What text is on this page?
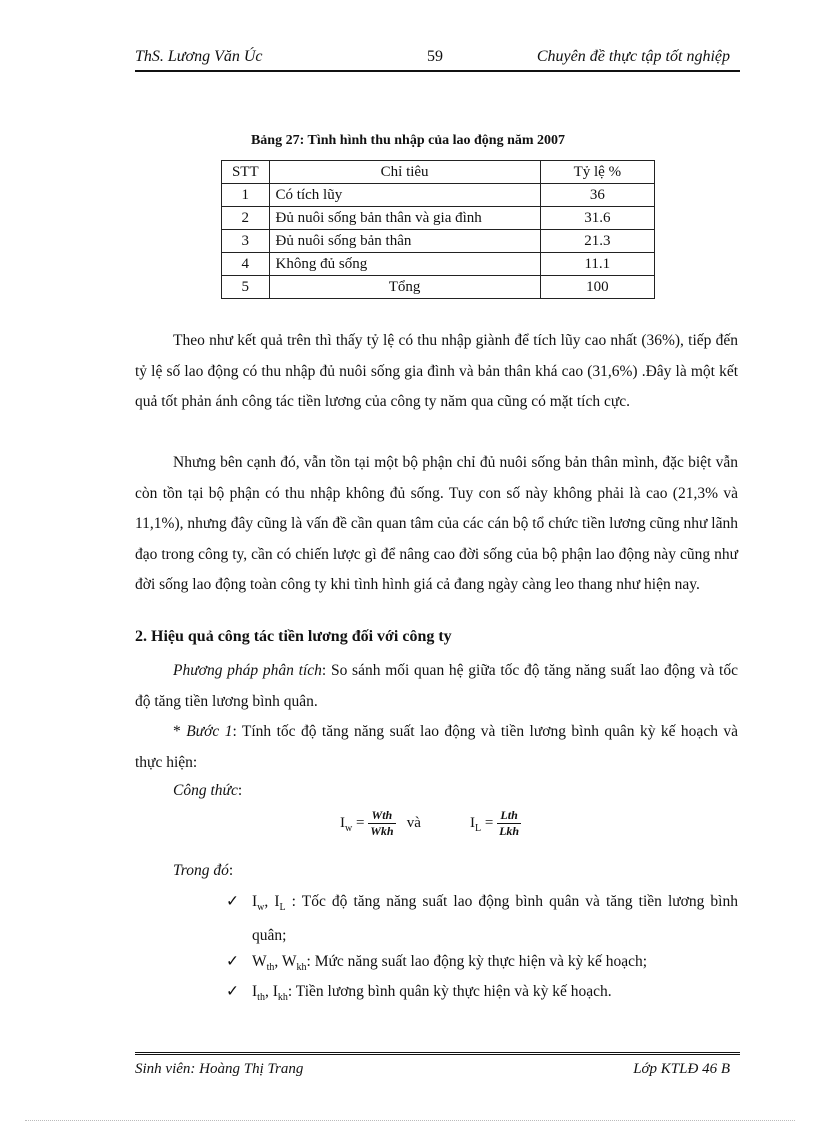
ThS. Lương Văn Úc	59	Chuyên đề thực tập tốt nghiệp
Bảng 27: Tình hình thu nhập của lao động năm 2007
STT	Chỉ tiêu	Tỷ lệ %
1	Có tích lũy	36
2	Đủ nuôi sống bản thân và gia đình	31.6
3	Đủ nuôi sống bản thân	21.3
4	Không đủ sống	11.1
5	Tổng	100
Theo như kết quả trên thì thấy tỷ lệ có thu nhập giành để tích lũy cao nhất (36%), tiếp đến tỷ lệ số lao động có thu nhập đủ nuôi sống gia đình và bản thân khá cao (31,6%) .Đây là một kết quả tốt phản ánh công tác tiền lương của công ty năm qua cũng có mặt tích cực.
Nhưng bên cạnh đó, vẫn tồn tại một bộ phận chỉ đủ nuôi sống bản thân mình, đặc biệt vẫn còn tồn tại bộ phận có thu nhập không đủ sống. Tuy con số này không phải là cao (21,3% và 11,1%), nhưng đây cũng là vấn đề cần quan tâm của các cán bộ tổ chức tiền lương cũng như lãnh đạo trong công ty, cần có chiến lược gì để nâng cao đời sống của bộ phận lao động này cũng như đời sống lao động toàn công ty khi tình hình giá cả đang ngày càng leo thang như hiện nay.
2. Hiệu quả công tác tiền lương đối với công ty
Phương pháp phân tích: So sánh mối quan hệ giữa tốc độ tăng năng suất lao động và tốc độ tăng tiền lương bình quân.
* Bước 1: Tính tốc độ tăng năng suất lao động và tiền lương bình quân kỳ kế hoạch và thực hiện:
Công thức:
$I_w = \frac{\text{Wth}}{\text{Wkh}}$ và	$I_L = \frac{\text{Lth}}{\text{Lkh}}$
Trong đó:
✓ $I_w$, $I_L$ : Tốc độ tăng năng suất lao động bình quân và tăng tiền lương bình quân;
✓ $W_{th}$, $W_{kh}$: Mức năng suất lao động kỳ thực hiện và kỳ kế hoạch;
✓ $I_{th}$, $I_{kh}$: Tiền lương bình quân kỳ thực hiện và kỳ kế hoạch.
Sinh viên: Hoàng Thị Trang	Lớp KTLĐ 46 B
